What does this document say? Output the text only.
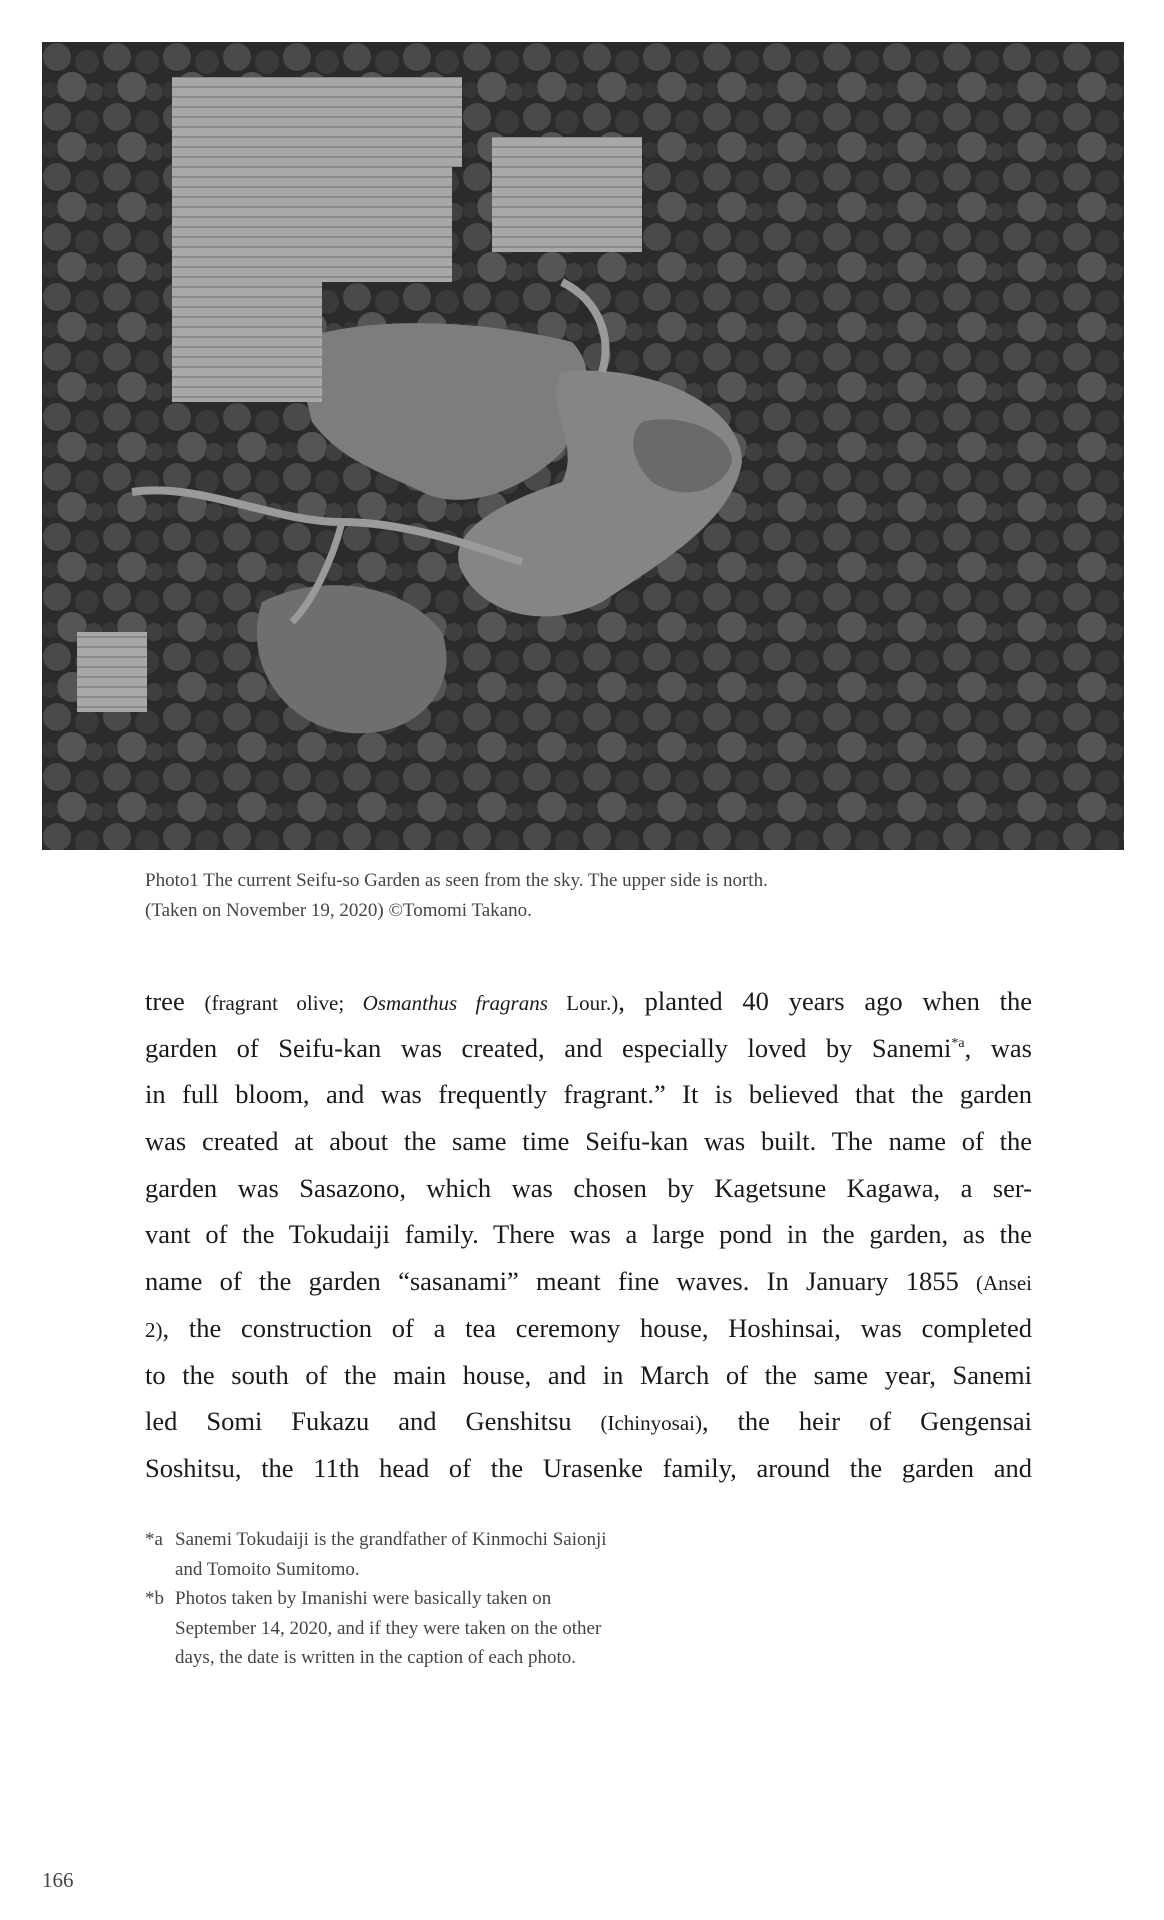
Photo1 The current Seifu-so Garden as seen from the sky. The upper side is north.
(Taken on November 19, 2020) ©Tomomi Takano.
tree (fragrant olive; Osmanthus fragrans Lour.), planted 40 years ago when the
garden of Seifu-kan was created, and especially loved by Sanemi$^{*a}$, was
in full bloom, and was frequently fragrant.” It is believed that the garden
was created at about the same time Seifu-kan was built. The name of the
garden was Sasazono, which was chosen by Kagetsune Kagawa, a ser-
vant of the Tokudaiji family. There was a large pond in the garden, as the
name of the garden “sasanami” meant fine waves. In January 1855 (Ansei
2), the construction of a tea ceremony house, Hoshinsai, was completed
to the south of the main house, and in March of the same year, Sanemi
led Somi Fukazu and Genshitsu (Ichinyosai), the heir of Gengensai
Soshitsu, the 11th head of the Urasenke family, around the garden and
*a Sanemi Tokudaiji is the grandfather of Kinmochi Saionji
and Tomoito Sumitomo.
*b Photos taken by Imanishi were basically taken on
September 14, 2020, and if they were taken on the other
days, the date is written in the caption of each photo.
166
